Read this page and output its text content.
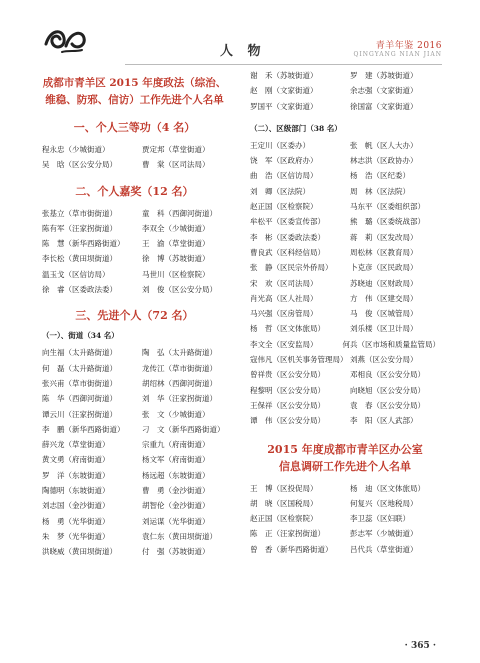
人 物	青羊年鉴 2016
QINGYANG NIAN JIAN
成都市青羊区 2015 年度政法（综治、
维稳、防邪、信访）工作先进个人名单
一、个人三等功（4 名）
程永忠（少城街道）	贾定邦（草堂街道）
吴　晗（区公安分局）	曹　棠（区司法局）
二、个人嘉奖（12 名）
张基立（草市街街道）	童　科（西御河街道）
陈有军（汪家拐街道）	李双全（少城街道）
陈　慧（新华西路街道）	王　渝（草堂街道）
李长松（黄田坝街道）	徐　博（苏坡街道）
温玉戈（区信访局）	马世川（区检察院）
徐　睿（区委政法委）	刘　俊（区公安分局）
三、先进个人（72 名）
（一）、街道（34 名）
向生福（太升路街道）	陶　弘（太升路街道）
何　磊（太升路街道）	龙传江（草市街街道）
张兴甫（草市街街道）	胡绍林（西御河街道）
陈　华（西御河街道）	刘　华（汪家拐街道）
谭云川（汪家拐街道）	张　文（少城街道）
李　鹏（新华西路街道）	刁　文（新华西路街道）
薛兴龙（草堂街道）	宗重九（府南街道）
黄文勇（府南街道）	杨文军（府南街道）
罗　洋（东坡街道）	杨远超（东坡街道）
陶德明（东坡街道）	曹　勇（金沙街道）
刘志国（金沙街道）	胡智伦（金沙街道）
杨　勇（光华街道）	刘运谋（光华街道）
朱　梦（光华街道）	袁仁东（黄田坝街道）
洪晓威（黄田坝街道）	付　强（苏坡街道）
谢　禾（苏坡街道）	罗　建（苏坡街道）
赵　刚（文家街道）	余志强（文家街道）
罗国平（文家街道）	徐国富（文家街道）
（二）、区级部门（38 名）
王定川（区委办）	张　帆（区人大办）
饶　军（区政府办）	林志洪（区政协办）
曲　浩（区信访局）	杨　浩（区纪委）
刘　卿（区法院）	周　林（区法院）
赵正国（区检察院）	马东平（区委组织部）
牟松平（区委宣传部）	熊　璐（区委统战部）
李　彬（区委政法委）	蒋　莉（区发改局）
曹良武（区科经信局）	周松林（区教育局）
张　静（区民宗外侨局）	卜克彦（区民政局）
宋　欢（区司法局）	苏晓迪（区财政局）
肖光高（区人社局）	方　伟（区建交局）
马兴强（区房管局）	马　俊（区城管局）
杨　哲（区文体旅局）	刘乐楼（区卫计局）
李文全（区安监局）	何兵（区市场和质量监管局）
寇伟凡（区机关事务管理局） 刘燕（区公安分局）
曾祥贵（区公安分局）	邓相良（区公安分局）
程黎明（区公安分局）	向晓旭（区公安分局）
王保祥（区公安分局）	袁　春（区公安分局）
谭　伟（区公安分局）	李　阳（区人武部）
2015 年度成都市青羊区办公室
信息调研工作先进个人名单
王　博（区投促局）	杨　迪（区文体旅局）
胡　晓（区国税局）	何复兴（区地税局）
赵正国（区检察院）	李卫蕊（区妇联）
陈　正（汪家拐街道）	彭志军（少城街道）
曾　香（新华西路街道）	吕代兵（草堂街道）
· 365 ·
